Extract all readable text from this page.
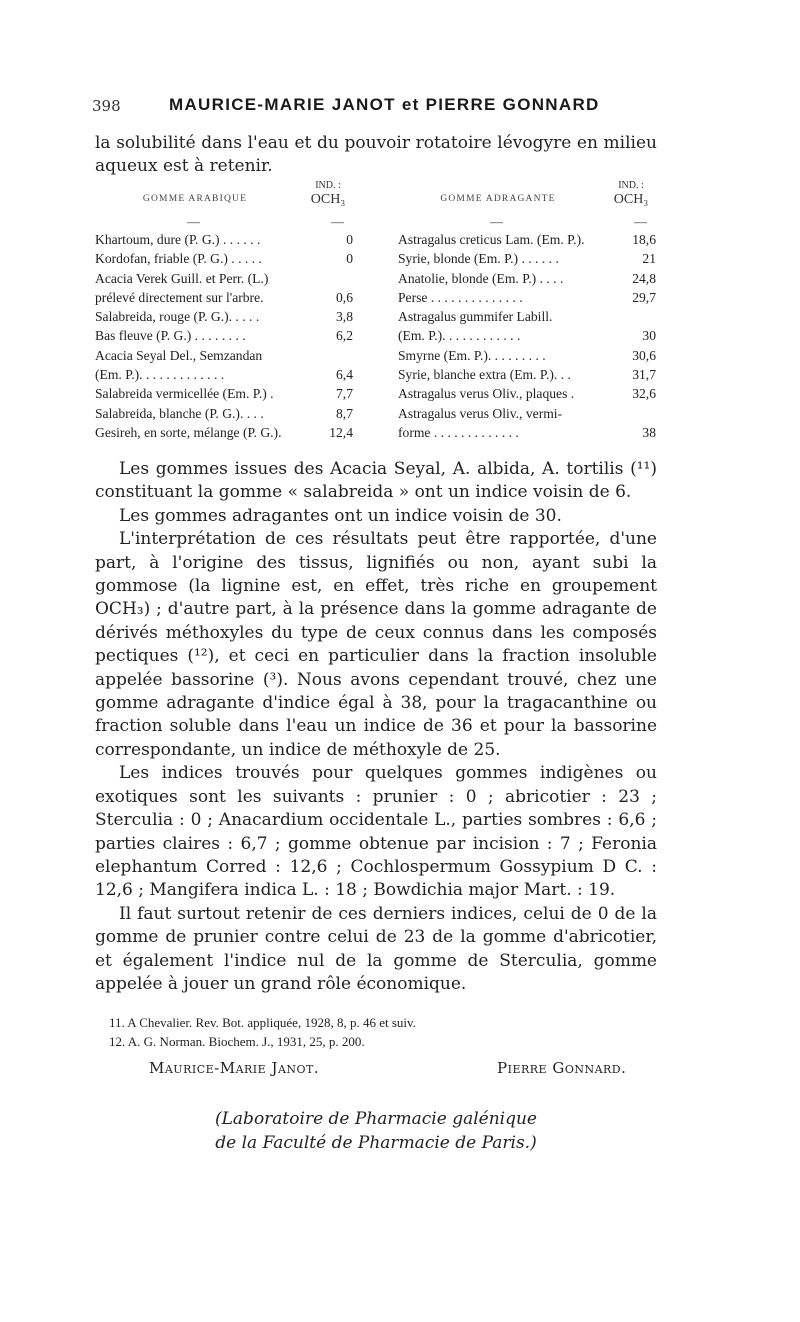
398	MAURICE-MARIE JANOT et PIERRE GONNARD
la solubilité dans l'eau et du pouvoir rotatoire lévogyre en milieu aqueux est à retenir.
GOMME ARABIQUE
IND. :
OCH₃
—	—
Khartoum, dure (P. G.) . . . . . .	0
Kordofan, friable (P. G.) . . . . .	0
Acacia Verek Guill. et Perr. (L.)
prélevé directement sur l'arbre.	0,6
Salabreida, rouge (P. G.). . . . .	3,8
Bas fleuve (P. G.) . . . . . . . .	6,2
Acacia Seyal Del., Semzandan
(Em. P.). . . . . . . . . . . . .	6,4
Salabreida vermicellée (Em. P.) .	7,7
Salabreida, blanche (P. G.). . . .	8,7
Gesireh, en sorte, mélange (P. G.).	12,4
GOMME ADRAGANTE
IND. :
OCH₃
—	—
Astragalus creticus Lam. (Em. P.).	18,6
Syrie, blonde (Em. P.) . . . . . .	21
Anatolie, blonde (Em. P.) . . . .	24,8
Perse . . . . . . . . . . . . . .	29,7
Astragalus gummifer Labill.
(Em. P.). . . . . . . . . . . .	30
Smyrne (Em. P.). . . . . . . . .	30,6
Syrie, blanche extra (Em. P.). . .	31,7
Astragalus verus Oliv., plaques .	32,6
Astragalus verus Oliv., vermi-
forme . . . . . . . . . . . . .	38

Les gommes issues des Acacia Seyal, A. albida, A. tortilis (¹¹) constituant la gomme « salabreida » ont un indice voisin de 6.

Les gommes adragantes ont un indice voisin de 30.

L'interprétation de ces résultats peut être rapportée, d'une part, à l'origine des tissus, lignifiés ou non, ayant subi la gommose (la lignine est, en effet, très riche en groupement OCH₃) ; d'autre part, à la présence dans la gomme adragante de dérivés méthoxyles du type de ceux connus dans les composés pectiques (¹²), et ceci en particulier dans la fraction insoluble appelée bassorine (³). Nous avons cependant trouvé, chez une gomme adragante d'indice égal à 38, pour la tragacanthine ou fraction soluble dans l'eau un indice de 36 et pour la bassorine correspondante, un indice de méthoxyle de 25.

Les indices trouvés pour quelques gommes indigènes ou exotiques sont les suivants : prunier : 0 ; abricotier : 23 ; Sterculia : 0 ; Anacardium occidentale L., parties sombres : 6,6 ; parties claires : 6,7 ; gomme obtenue par incision : 7 ; Feronia elephantum Corred : 12,6 ; Cochlospermum Gossypium D C. : 12,6 ; Mangifera indica L. : 18 ; Bowdichia major Mart. : 19.

Il faut surtout retenir de ces derniers indices, celui de 0 de la gomme de prunier contre celui de 23 de la gomme d'abricotier, et également l'indice nul de la gomme de Sterculia, gomme appelée à jouer un grand rôle économique.

11. A Chevalier. Rev. Bot. appliquée, 1928, 8, p. 46 et suiv.
12. A. G. Norman. Biochem. J., 1931, 25, p. 200.
Maurice-Marie Janot.	Pierre Gonnard.
(Laboratoire de Pharmacie galénique
de la Faculté de Pharmacie de Paris.)
